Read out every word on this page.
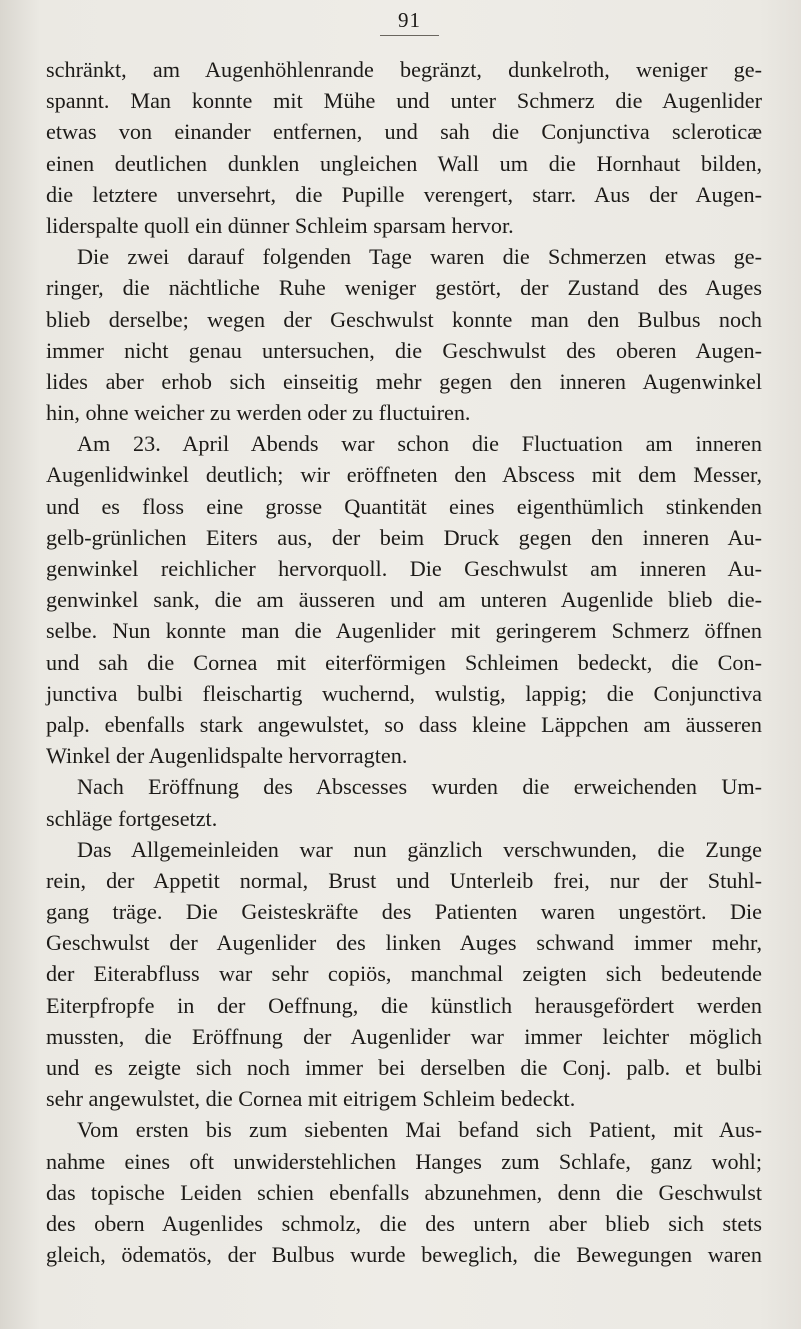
91
schränkt, am Augenhöhlenrande begränzt, dunkelroth, weniger ge-
spannt. Man konnte mit Mühe und unter Schmerz die Augenlider
etwas von einander entfernen, und sah die Conjunctiva scleroticæ
einen deutlichen dunklen ungleichen Wall um die Hornhaut bilden,
die letztere unversehrt, die Pupille verengert, starr. Aus der Augen-
liderspalte quoll ein dünner Schleim sparsam hervor.
Die zwei darauf folgenden Tage waren die Schmerzen etwas ge-
ringer, die nächtliche Ruhe weniger gestört, der Zustand des Auges
blieb derselbe; wegen der Geschwulst konnte man den Bulbus noch
immer nicht genau untersuchen, die Geschwulst des oberen Augen-
lides aber erhob sich einseitig mehr gegen den inneren Augenwinkel
hin, ohne weicher zu werden oder zu fluctuiren.
Am 23. April Abends war schon die Fluctuation am inneren
Augenlidwinkel deutlich; wir eröffneten den Abscess mit dem Messer,
und es floss eine grosse Quantität eines eigenthümlich stinkenden
gelb-grünlichen Eiters aus, der beim Druck gegen den inneren Au-
genwinkel reichlicher hervorquoll. Die Geschwulst am inneren Au-
genwinkel sank, die am äusseren und am unteren Augenlide blieb die-
selbe. Nun konnte man die Augenlider mit geringerem Schmerz öffnen
und sah die Cornea mit eiterförmigen Schleimen bedeckt, die Con-
junctiva bulbi fleischartig wuchernd, wulstig, lappig; die Conjunctiva
palp. ebenfalls stark angewulstet, so dass kleine Läppchen am äusseren
Winkel der Augenlidspalte hervorragten.
Nach Eröffnung des Abscesses wurden die erweichenden Um-
schläge fortgesetzt.
Das Allgemeinleiden war nun gänzlich verschwunden, die Zunge
rein, der Appetit normal, Brust und Unterleib frei, nur der Stuhl-
gang träge. Die Geisteskräfte des Patienten waren ungestört. Die
Geschwulst der Augenlider des linken Auges schwand immer mehr,
der Eiterabfluss war sehr copiös, manchmal zeigten sich bedeutende
Eiterpfropfe in der Oeffnung, die künstlich herausgefördert werden
mussten, die Eröffnung der Augenlider war immer leichter möglich
und es zeigte sich noch immer bei derselben die Conj. palb. et bulbi
sehr angewulstet, die Cornea mit eitrigem Schleim bedeckt.
Vom ersten bis zum siebenten Mai befand sich Patient, mit Aus-
nahme eines oft unwiderstehlichen Hanges zum Schlafe, ganz wohl;
das topische Leiden schien ebenfalls abzunehmen, denn die Geschwulst
des obern Augenlides schmolz, die des untern aber blieb sich stets
gleich, ödematös, der Bulbus wurde beweglich, die Bewegungen waren
